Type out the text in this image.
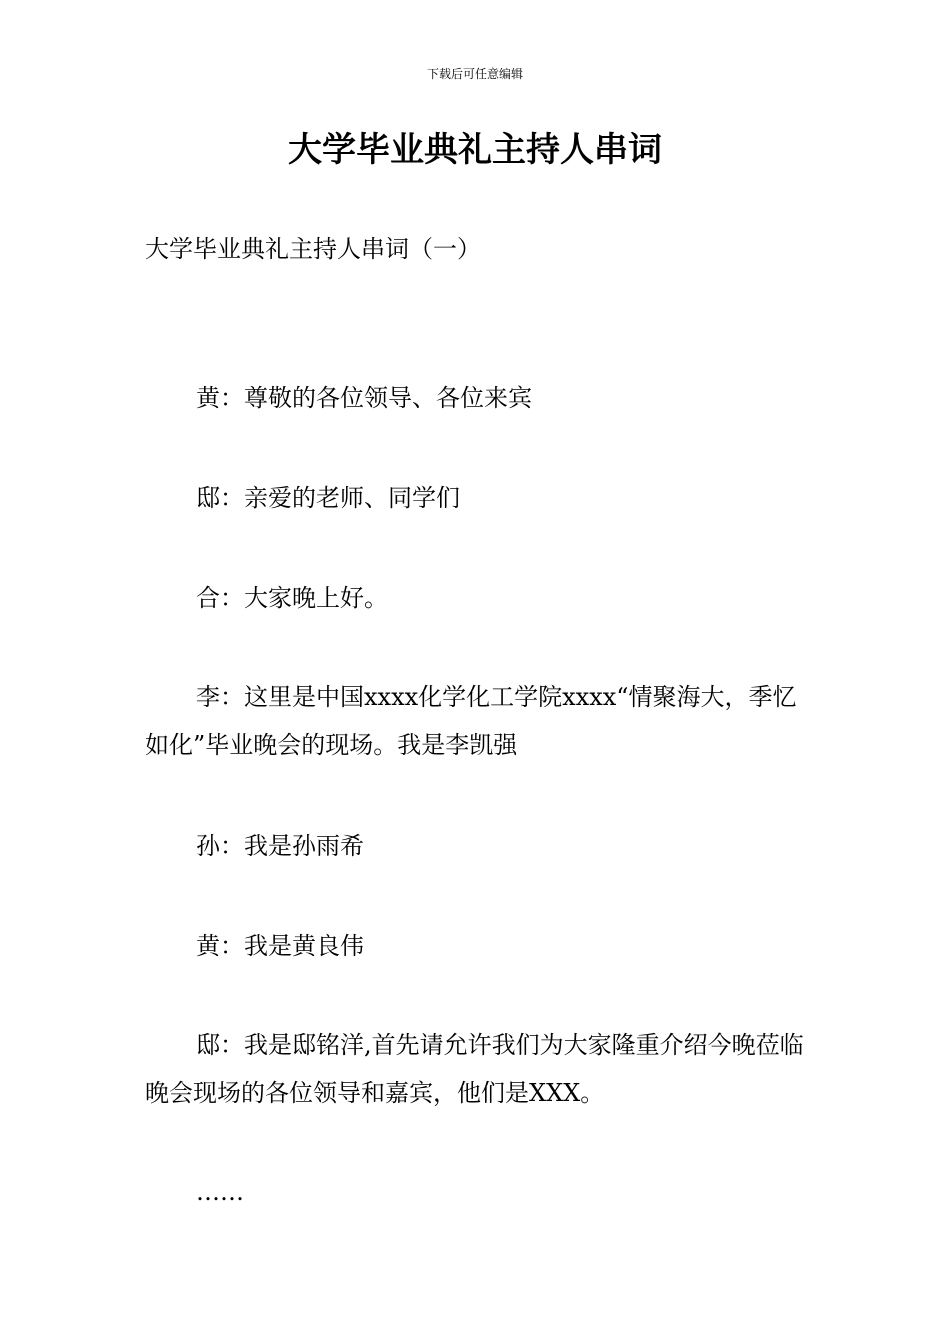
下载后可任意编辑
大学毕业典礼主持人串词

大学毕业典礼主持人串词（一）

黄：尊敬的各位领导、各位来宾

邸：亲爱的老师、同学们

合：大家晚上好。

李：这里是中国xxxx化学化工学院xxxx“情聚海大，季忆如化”毕业晚会的现场。我是李凯强

孙：我是孙雨希

黄：我是黄良伟

邸：我是邸铭洋,首先请允许我们为大家隆重介绍今晚莅临晚会现场的各位领导和嘉宾，他们是XXX。

……
